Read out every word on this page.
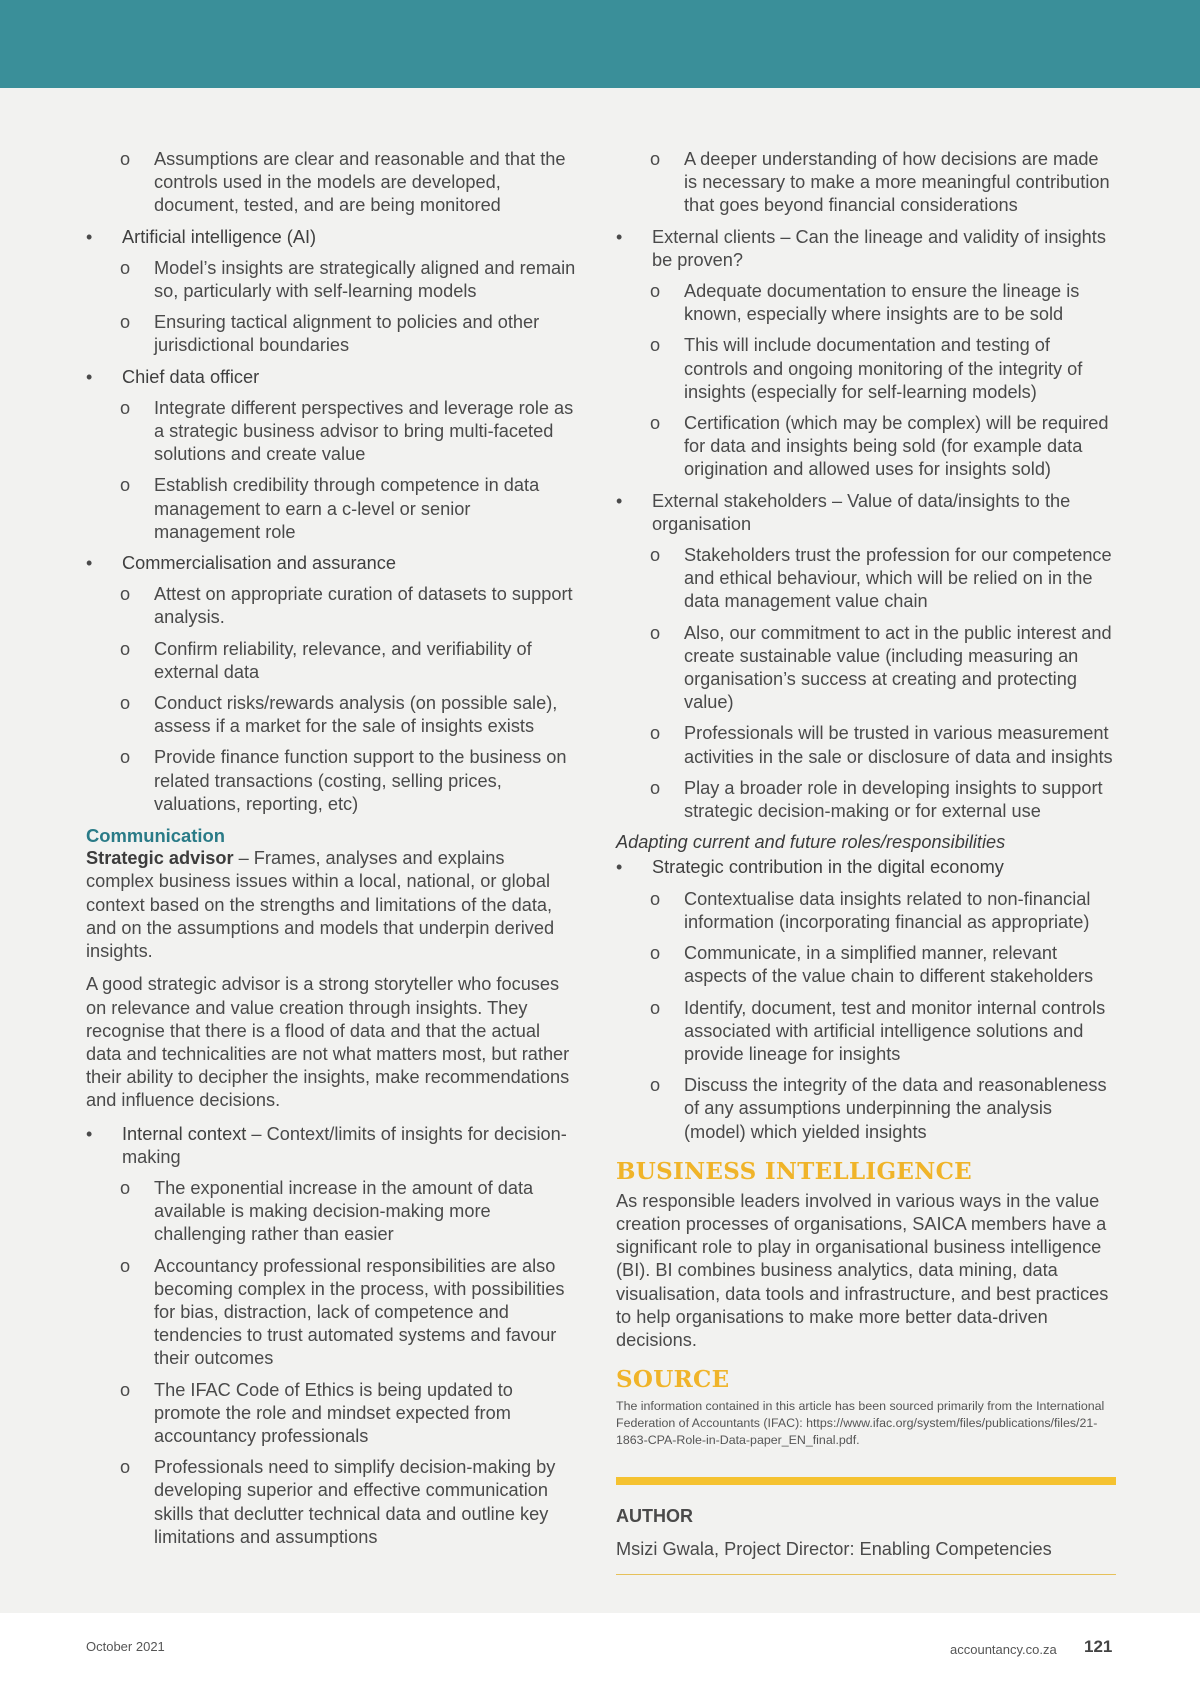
o Assumptions are clear and reasonable and that the controls used in the models are developed, document, tested, and are being monitored
• Artificial intelligence (AI)
o Model’s insights are strategically aligned and remain so, particularly with self-learning models
o Ensuring tactical alignment to policies and other jurisdictional boundaries
• Chief data officer
o Integrate different perspectives and leverage role as a strategic business advisor to bring multi-faceted solutions and create value
o Establish credibility through competence in data management to earn a c-level or senior management role
• Commercialisation and assurance
o Attest on appropriate curation of datasets to support analysis.
o Confirm reliability, relevance, and verifiability of external data
o Conduct risks/rewards analysis (on possible sale), assess if a market for the sale of insights exists
o Provide finance function support to the business on related transactions (costing, selling prices, valuations, reporting, etc)
Communication

Strategic advisor – Frames, analyses and explains complex business issues within a local, national, or global context based on the strengths and limitations of the data, and on the assumptions and models that underpin derived insights.

A good strategic advisor is a strong storyteller who focuses on relevance and value creation through insights. They recognise that there is a flood of data and that the actual data and technicalities are not what matters most, but rather their ability to decipher the insights, make recommendations and influence decisions.

• Internal context – Context/limits of insights for decision-making
o The exponential increase in the amount of data available is making decision-making more challenging rather than easier
o Accountancy professional responsibilities are also becoming complex in the process, with possibilities for bias, distraction, lack of competence and tendencies to trust automated systems and favour their outcomes
o The IFAC Code of Ethics is being updated to promote the role and mindset expected from accountancy professionals
o Professionals need to simplify decision-making by developing superior and effective communication skills that declutter technical data and outline key limitations and assumptions
o A deeper understanding of how decisions are made is necessary to make a more meaningful contribution that goes beyond financial considerations
• External clients – Can the lineage and validity of insights be proven?
o Adequate documentation to ensure the lineage is known, especially where insights are to be sold
o This will include documentation and testing of controls and ongoing monitoring of the integrity of insights (especially for self-learning models)
o Certification (which may be complex) will be required for data and insights being sold (for example data origination and allowed uses for insights sold)
• External stakeholders – Value of data/insights to the organisation
o Stakeholders trust the profession for our competence and ethical behaviour, which will be relied on in the data management value chain
o Also, our commitment to act in the public interest and create sustainable value (including measuring an organisation’s success at creating and protecting value)
o Professionals will be trusted in various measurement activities in the sale or disclosure of data and insights
o Play a broader role in developing insights to support strategic decision-making or for external use
Adapting current and future roles/responsibilities
• Strategic contribution in the digital economy
o Contextualise data insights related to non-financial information (incorporating financial as appropriate)
o Communicate, in a simplified manner, relevant aspects of the value chain to different stakeholders
o Identify, document, test and monitor internal controls associated with artificial intelligence solutions and provide lineage for insights
o Discuss the integrity of the data and reasonableness of any assumptions underpinning the analysis (model) which yielded insights
BUSINESS INTELLIGENCE

As responsible leaders involved in various ways in the value creation processes of organisations, SAICA members have a significant role to play in organisational business intelligence (BI). BI combines business analytics, data mining, data visualisation, data tools and infrastructure, and best practices to help organisations to make more better data-driven decisions.

SOURCE

The information contained in this article has been sourced primarily from the International Federation of Accountants (IFAC): https://www.ifac.org/system/files/publications/files/21-1863-CPA-Role-in-Data-paper_EN_final.pdf.

AUTHOR
Msizi Gwala, Project Director: Enabling Competencies
October 2021	accountancy.co.za 121
